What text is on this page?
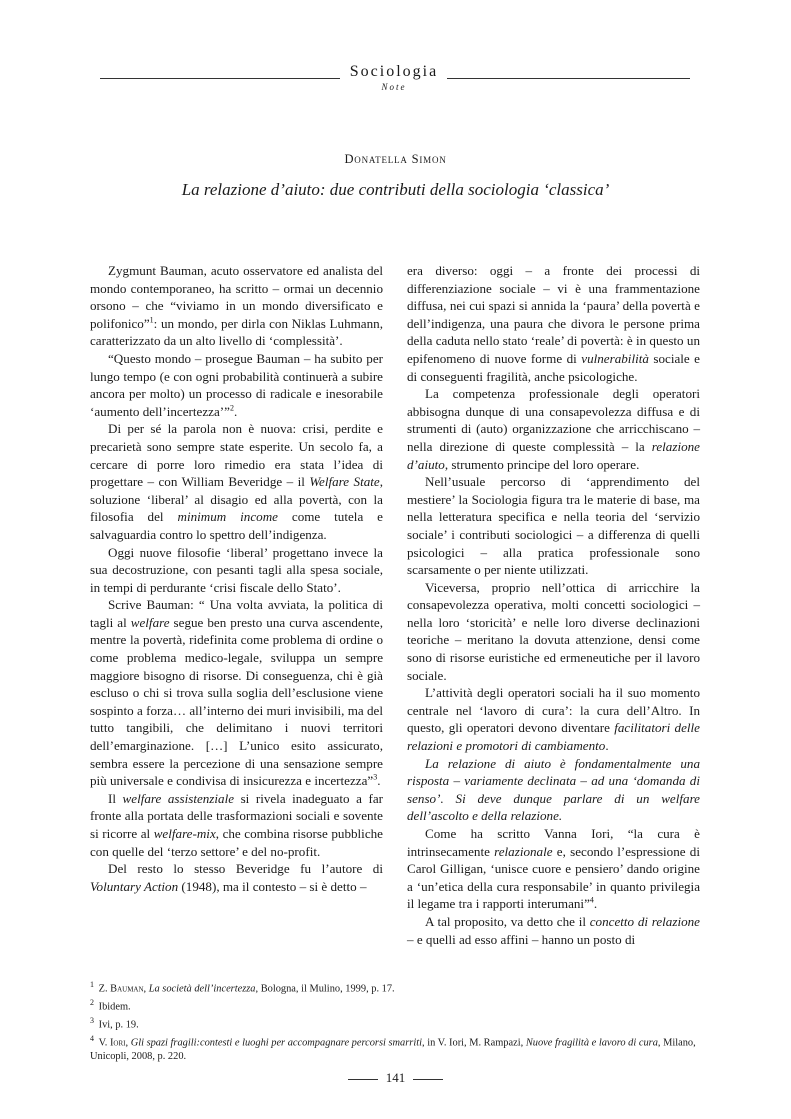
Sociologia
Note
Donatella Simon
La relazione d’aiuto: due contributi della sociologia ‘classica’

Zygmunt Bauman, acuto osservatore ed analista del mondo contemporaneo, ha scritto – ormai un decennio orsono – che “viviamo in un mondo diversificato e polifonico”$^1$: un mondo, per dirla con Niklas Luhmann, caratterizzato da un alto livello di ‘complessità’.

“Questo mondo – prosegue Bauman – ha subito per lungo tempo (e con ogni probabilità continuerà a subire ancora per molto) un processo di radicale e inesorabile ‘aumento dell’incertezza’”$^2$.

Di per sé la parola non è nuova: crisi, perdite e precarietà sono sempre state esperite. Un secolo fa, a cercare di porre loro rimedio era stata l’idea di progettare – con William Beveridge – il Welfare State, soluzione ‘liberal’ al disagio ed alla povertà, con la filosofia del minimum income come tutela e salvaguardia contro lo spettro dell’indigenza.

Oggi nuove filosofie ‘liberal’ progettano invece la sua decostruzione, con pesanti tagli alla spesa sociale, in tempi di perdurante ‘crisi fiscale dello Stato’.

Scrive Bauman: “ Una volta avviata, la politica di tagli al welfare segue ben presto una curva ascendente, mentre la povertà, ridefinita come problema di ordine o come problema medico-legale, sviluppa un sempre maggiore bisogno di risorse. Di conseguenza, chi è già escluso o chi si trova sulla soglia dell’esclusione viene sospinto a forza… all’interno dei muri invisibili, ma del tutto tangibili, che delimitano i nuovi territori dell’emarginazione. […] L’unico esito assicurato, sembra essere la percezione di una sensazione sempre più universale e condivisa di insicurezza e incertezza”$^3$.

Il welfare assistenziale si rivela inadeguato a far fronte alla portata delle trasformazioni sociali e sovente si ricorre al welfare-mix, che combina risorse pubbliche con quelle del ‘terzo settore’ e del no-profit.

Del resto lo stesso Beveridge fu l’autore di Voluntary Action (1948), ma il contesto – si è detto –

era diverso: oggi – a fronte dei processi di differenziazione sociale – vi è una frammentazione diffusa, nei cui spazi si annida la ‘paura’ della povertà e dell’indigenza, una paura che divora le persone prima della caduta nello stato ‘reale’ di povertà: è in questo un epifenomeno di nuove forme di vulnerabilità sociale e di conseguenti fragilità, anche psicologiche.

La competenza professionale degli operatori abbisogna dunque di una consapevolezza diffusa e di strumenti di (auto) organizzazione che arricchiscano – nella direzione di queste complessità – la relazione d’aiuto, strumento principe del loro operare.

Nell’usuale percorso di ‘apprendimento del mestiere’ la Sociologia figura tra le materie di base, ma nella letteratura specifica e nella teoria del ‘servizio sociale’ i contributi sociologici – a differenza di quelli psicologici – alla pratica professionale sono scarsamente o per niente utilizzati.

Viceversa, proprio nell’ottica di arricchire la consapevolezza operativa, molti concetti sociologici – nella loro ‘storicità’ e nelle loro diverse declinazioni teoriche – meritano la dovuta attenzione, densi come sono di risorse euristiche ed ermeneutiche per il lavoro sociale.

L’attività degli operatori sociali ha il suo momento centrale nel ‘lavoro di cura’: la cura dell’Altro. In questo, gli operatori devono diventare facilitatori delle relazioni e promotori di cambiamento.

La relazione di aiuto è fondamentalmente una risposta – variamente declinata – ad una ‘domanda di senso’. Si deve dunque parlare di un welfare dell’ascolto e della relazione.

Come ha scritto Vanna Iori, “la cura è intrinsecamente relazionale e, secondo l’espressione di Carol Gilligan, ‘unisce cuore e pensiero’ dando origine a ‘un’etica della cura responsabile’ in quanto privilegia il legame tra i rapporti interumani”$^4$.

A tal proposito, va detto che il concetto di relazione – e quelli ad esso affini – hanno un posto di

$^1$ Z. Bauman, La società dell’incertezza, Bologna, il Mulino, 1999, p. 17.
$^2$ Ibidem.
$^3$ Ivi, p. 19.
$^4$ V. Iori, Gli spazi fragili:contesti e luoghi per accompagnare percorsi smarriti, in V. Iori, M. Rampazi, Nuove fragilità e lavoro di cura, Milano, Unicopli, 2008, p. 220.
141
